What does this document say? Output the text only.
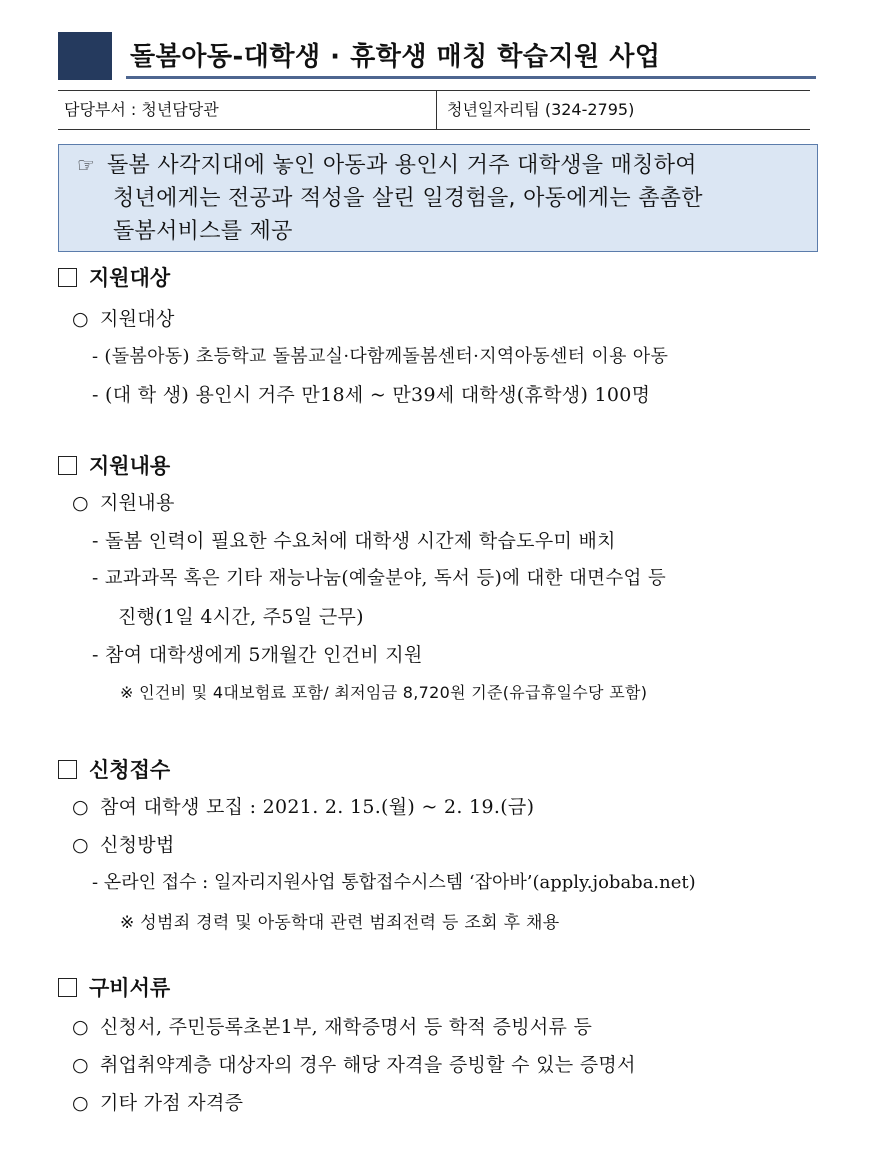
돌봄아동-대학생 · 휴학생 매칭 학습지원 사업
담당부서 : 청년담당관	청년일자리팀 (324-2795)
☞ 돌봄 사각지대에 놓인 아동과 용인시 거주 대학생을 매칭하여
청년에게는 전공과 적성을 살린 일경험을, 아동에게는 촘촘한
돌봄서비스를 제공
지원대상
○ 지원대상
- (돌봄아동) 초등학교 돌봄교실·다함께돌봄센터·지역아동센터 이용 아동
- (대 학 생) 용인시 거주 만18세 ~ 만39세 대학생(휴학생) 100명
지원내용
○ 지원내용
- 돌봄 인력이 필요한 수요처에 대학생 시간제 학습도우미 배치
- 교과과목 혹은 기타 재능나눔(예술분야, 독서 등)에 대한 대면수업 등
진행(1일 4시간, 주5일 근무)
- 참여 대학생에게 5개월간 인건비 지원
※ 인건비 및 4대보험료 포함/ 최저임금 8,720원 기준(유급휴일수당 포함)
신청접수
○ 참여 대학생 모집 : 2021. 2. 15.(월) ~ 2. 19.(금)
○ 신청방법
- 온라인 접수 : 일자리지원사업 통합접수시스템 ‘잡아바’(apply.jobaba.net)
※ 성범죄 경력 및 아동학대 관련 범죄전력 등 조회 후 채용
구비서류
○ 신청서, 주민등록초본1부, 재학증명서 등 학적 증빙서류 등
○ 취업취약계층 대상자의 경우 해당 자격을 증빙할 수 있는 증명서
○ 기타 가점 자격증
